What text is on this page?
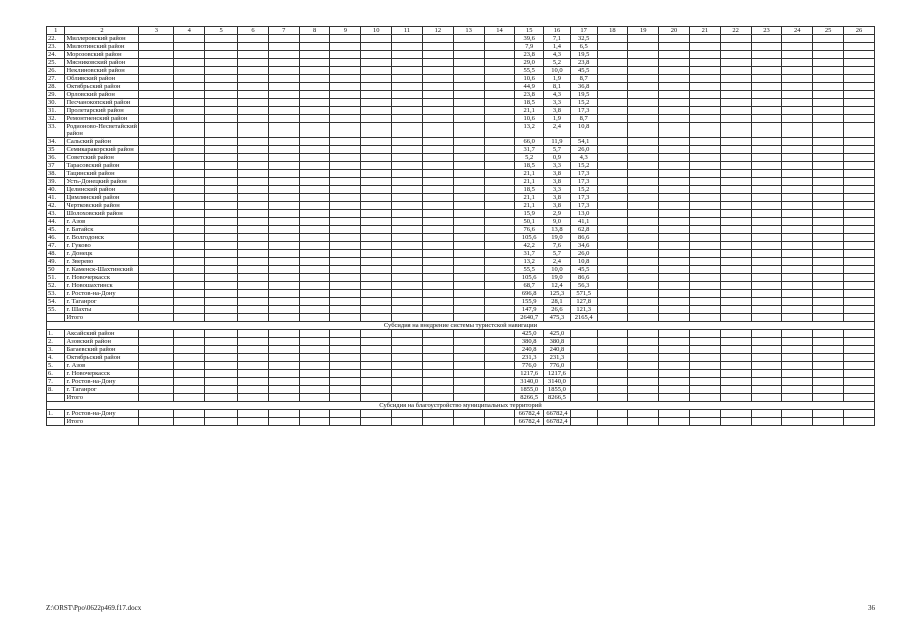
1	2	3	4	5	6	7	8	9	10	11	12	13	14	15	16	17	18	19	20	21	22	23	24	25	26
22.	Миллеровский район													39,6	7,1	32,5									
23.	Милютинский район													7,9	1,4	6,5									
24.	Морозовский район													23,8	4,3	19,5									
25.	Мясниковский район													29,0	5,2	23,8									
26.	Неклиновский район													55,5	10,0	45,5									
27.	Обливский район													10,6	1,9	8,7									
28.	Октябрьский район													44,9	8,1	36,8									
29.	Орловский район													23,8	4,3	19,5									
30.	Песчанокопский район													18,5	3,3	15,2									
31.	Пролетарский район													21,1	3,8	17,3									
32.	Ремонтненский район													10,6	1,9	8,7									
33.	Родионово-Несветайский район													13,2	2,4	10,8									
34.	Сальский район													66,0	11,9	54,1									
35	Семикаракорский район													31,7	5,7	26,0									
36.	Советский район													5,2	0,9	4,3									
37	Тарасовский район													18,5	3,3	15,2									
38.	Тацинский район													21,1	3,8	17,3									
39.	Усть-Донецкий район													21,1	3,8	17,3									
40.	Целинский район													18,5	3,3	15,2									
41.	Цимлянский район													21,1	3,8	17,3									
42.	Чертковский район													21,1	3,8	17,3									
43.	Шолоховский район													15,9	2,9	13,0									
44.	г. Азов													50,1	9,0	41,1									
45.	г. Батайск													76,6	13,8	62,8									
46.	г. Волгодонск													105,6	19,0	86,6									
47.	г. Гуково													42,2	7,6	34,6									
48.	г. Донецк													31,7	5,7	26,0									
49.	г. Зверево													13,2	2,4	10,8									
50	г. Каменск-Шахтинский													55,5	10,0	45,5									
51.	г. Новочеркасск													105,6	19,0	86,6									
52.	г. Новошахтинск													68,7	12,4	56,3									
53.	г. Ростов-на-Дону													696,8	125,3	571,5									
54.	г. Таганрог													155,9	28,1	127,8									
55.	г. Шахты													147,9	26,6	121,3									
	Итого													2640,7	475,3	2165,4									
Субсидия на внедрение системы туристской навигации																									
1.	Аксайский район													425,0	425,0										
2.	Азовский район													380,8	380,8										
3.	Багаевский район													240,8	240,8										
4.	Октябрьский район													231,3	231,3										
5.	г. Азов													776,0	776,0										
6.	г. Новочеркасск													1217,6	1217,6										
7.	г. Ростов-на-Дону													3140,0	3140,0										
8.	г. Таганрог													1855,0	1855,0										
	Итого													8266,5	8266,5										
Субсидия на благоустройство муниципальных территорий																									
1.	г. Ростов-на-Дону													66782,4	66782,4										
	Итого													66782,4	66782,4										
Z:\ORST\Ppo\0622p469.f17.docx	36
